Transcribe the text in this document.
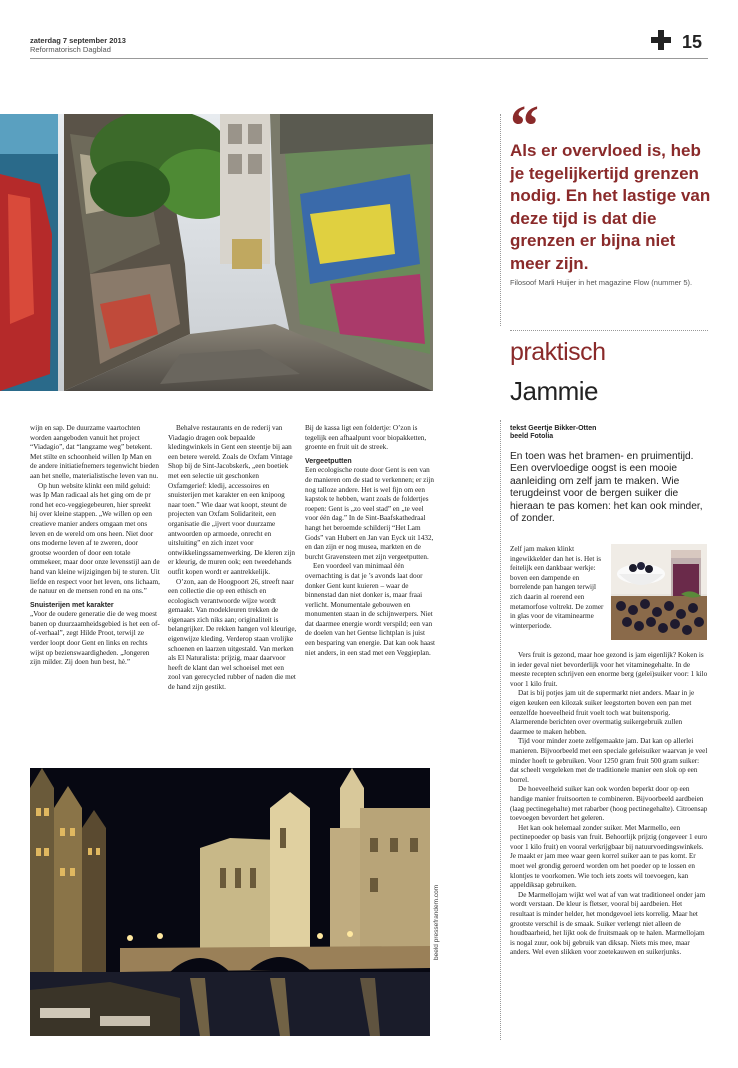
zaterdag 7 september 2013
Reformatorisch Dagblad	15
“
Als er overvloed is, heb je tegelijkertijd grenzen nodig. En het lastige van deze tijd is dat die grenzen er bijna niet meer zijn.
Filosoof Marli Huijer in het magazine Flow (nummer 5).
praktisch
Jammie
tekst Geertje Bikker-Otten
beeld Fotolia
En toen was het bramen- en pruimentijd. Een overvloedige oogst is een mooie aanleiding om zelf jam te maken. Wie terugdeinst voor de bergen suiker die hieraan te pas komen: het kan ook minder, of zonder.

wijn en sap. De duurzame vaartochten worden aangeboden vanuit het project “Viadagio”, dat “langzame weg” betekent. Met stilte en schoonheid willen Ip Man en de andere initiatiefnemers tegenwicht bieden aan het snelle, materialistische leven van nu.

Op hun website klinkt een mild geluid: was Ip Man radicaal als het ging om de pr rond het eco-veggiegebeuren, hier spreekt hij over kleine stappen. „We willen op een creatieve manier anders omgaan met ons leven en de wereld om ons heen. Niet door ons moderne leven af te zweren, door grootse woorden of door een totale ommekeer, maar door onze levensstijl aan de hand van kleine wijzigingen bij te sturen. Uit liefde en respect voor het leven, ons lichaam, de natuur en de mensen rond en na ons.”

Snuisterijen met karakter

„Voor de oudere generatie die de weg moest banen op duurzaamheidsgebied is het een of-of-verhaal”, zegt Hilde Proot, terwijl ze verder loopt door Gent en links en rechts wijst op bezienswaardigheden. „Jongeren zijn milder. Zij doen hun best, hè.”

Behalve restaurants en de rederij van Viadagio dragen ook bepaalde kledingwinkels in Gent een steentje bij aan een betere wereld. Zoals de Oxfam Vintage Shop bij de Sint-Jacobskerk, „een boetiek met een selectie uit geschonken Oxfamgerief: kledij, accessoires en snuisterijen met karakter en een knipoog naar toen.” Wie daar wat koopt, steunt de projecten van Oxfam Solidariteit, een organisatie die „ijvert voor duurzame antwoorden op armoede, onrecht en uitsluiting” en zich inzet voor ontwikkelingssamenwerking. De kleren zijn er kleurig, de muren ook; een tweedehands outfit kopen wordt er aantrekkelijk.

O’zon, aan de Hoogpoort 26, streeft naar een collectie die op een ethisch en ecologisch verantwoorde wijze wordt gemaakt. Van modekleuren trekken de eigenaars zich niks aan; originaliteit is belangrijker. De rekken hangen vol kleurige, eigenwijze kleding. Verderop staan vrolijke schoenen en laarzen uitgestald. Van merken als El Naturalista: prijzig, maar daarvoor heeft de klant dan wel schoeisel met een zool van gerecycled rubber of naden die met de hand zijn gestikt.

Bij de kassa ligt een foldertje: O’zon is tegelijk een afhaalpunt voor biopakketten, groente en fruit uit de streek.

Vergeetputten

Een ecologische route door Gent is een van de manieren om de stad te verkennen; er zijn nog talloze andere. Het is wel fijn om een kapstok te hebben, want zoals de foldertjes roepen: Gent is „zo veel stad” en „te veel voor één dag.” In de Sint-Baafskathedraal hangt het beroemde schilderij “Het Lam Gods” van Hubert en Jan van Eyck uit 1432, en dan zijn er nog musea, markten en de burcht Gravensteen met zijn vergeetputten.

Een voordeel van minimaal één overnachting is dat je ’s avonds laat door donker Gent kunt kuieren – waar de binnenstad dan niet donker is, maar fraai verlicht. Monumentale gebouwen en monumenten staan in de schijnwerpers. Niet dat daarmee energie wordt verspild; een van de doelen van het Gentse lichtplan is juist een besparing van energie. Dat kan ook haast niet anders, in een stad met een Veggieplan.

Zelf jam maken klinkt ingewikkelder dan het is. Het is feitelijk een dankbaar werkje: boven een dampende en borrelende pan hangen terwijl zich daarin al roerend een metamorfose voltrekt. De zomer in glas voor de vitaminearme winterperiode.

Vers fruit is gezond, maar hoe gezond is jam eigenlijk? Koken is in ieder geval niet bevorderlijk voor het vitaminegehalte. In de meeste recepten schrijven een enorme berg (gelei)suiker voor: 1 kilo voor 1 kilo fruit.

Dat is bij potjes jam uit de supermarkt niet anders. Maar in je eigen keuken een kilozak suiker leegstorten boven een pan met eenzelfde hoeveelheid fruit voelt toch wat buitensporig. Alarmerende berichten over overmatig suikergebruik zullen daarmee te maken hebben.

Tijd voor minder zoete zelfgemaakte jam. Dat kan op allerlei manieren. Bijvoorbeeld met een speciale geleisuiker waarvan je veel minder hoeft te gebruiken. Voor 1250 gram fruit 500 gram suiker: dat scheelt vergeleken met de traditionele manier een slok op een borrel.

De hoeveelheid suiker kan ook worden beperkt door op een handige manier fruitsoorten te combineren. Bijvoorbeeld aardbeien (laag pectinegehalte) met rabarber (hoog pectinegehalte). Citroensap toevoegen bevordert het geleren.

Het kan ook helemaal zonder suiker. Met Marmello, een pectinepoeder op basis van fruit. Behoorlijk prijzig (ongeveer 1 euro voor 1 kilo fruit) en vooral verkrijgbaar bij natuurvoedingswinkels. Je maakt er jam mee waar geen korrel suiker aan te pas komt. Er moet wel grondig geroerd worden om het poeder op te lossen en klontjes te voorkomen. Wie toch iets zoets wil toevoegen, kan appeldiksap gebruiken.

De Marmellojam wijkt wel wat af van wat traditioneel onder jam wordt verstaan. De kleur is fletser, vooral bij aardbeien. Het resultaat is minder helder, het mondgevoel iets korrelig. Maar het grootste verschil is de smaak. Suiker verlengt niet alleen de houdbaarheid, het lijkt ook de fruitsmaak op te halen. Marmellojam is nogal zuur, ook bij gebruik van diksap. Niets mis mee, maar anders. Wel even slikken voor zoetekauwen en suikerjunks.

beeld pressefrandem.com
